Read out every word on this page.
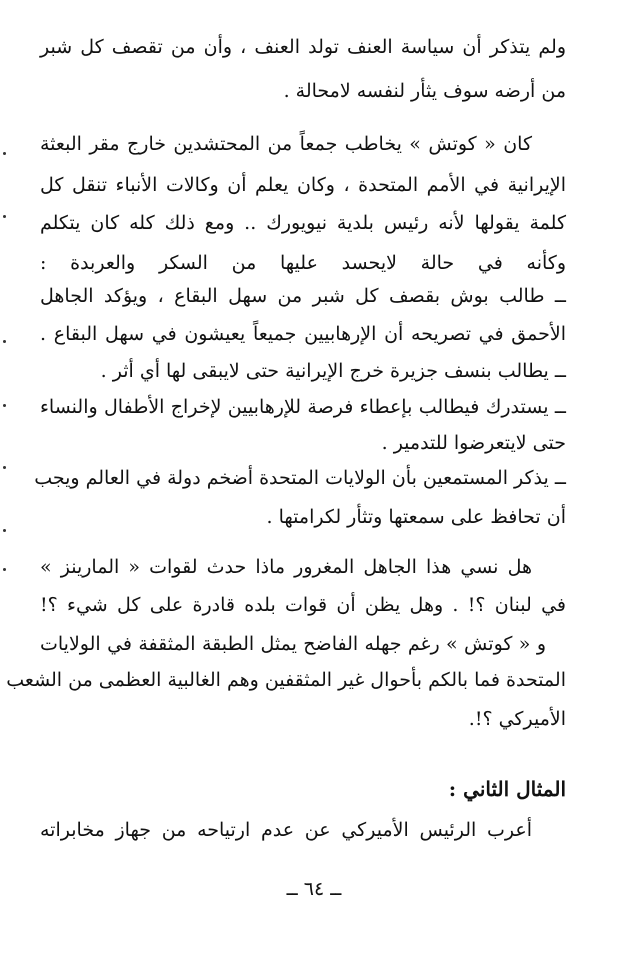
ولم يتذكر أن سياسة العنف تولد العنف ، وأن من تقصف كل شبر
من أرضه سوف يثأر لنفسه لامحالة .
كان « كوتش » يخاطب جمعاً من المحتشدين خارج مقر البعثة
الإيرانية في الأمم المتحدة ، وكان يعلم أن وكالات الأنباء تنقل كل
كلمة يقولها لأنه رئيس بلدية نيويورك .. ومع ذلك كله كان يتكلم
وكأنه في حالة لايحسد عليها من السكر والعربدة :
ــ طالب بوش بقصف كل شبر من سهل البقاع ، ويؤكد الجاهل
الأحمق في تصريحه أن الإرهابيين جميعاً يعيشون في سهل البقاع .
ــ يطالب بنسف جزيرة خرج الإيرانية حتى لايبقى لها أي أثر .
ــ يستدرك فيطالب بإعطاء فرصة للإرهابيين لإخراج الأطفال والنساء
حتى لايتعرضوا للتدمير .
ــ يذكر المستمعين بأن الولايات المتحدة أضخم دولة في العالم ويجب
أن تحافظ على سمعتها وتثأر لكرامتها .
هل نسي هذا الجاهل المغرور ماذا حدث لقوات « المارينز »
في لبنان ؟! . وهل يظن أن قوات بلده قادرة على كل شيء ؟!
و « كوتش » رغم جهله الفاضح يمثل الطبقة المثقفة في الولايات
المتحدة فما بالكم بأحوال غير المثقفين وهم الغالبية العظمى من الشعب
الأميركي ؟!.
المثال الثاني :
أعرب الرئيس الأميركي عن عدم ارتياحه من جهاز مخابراته
ــ ٦٤ ــ
